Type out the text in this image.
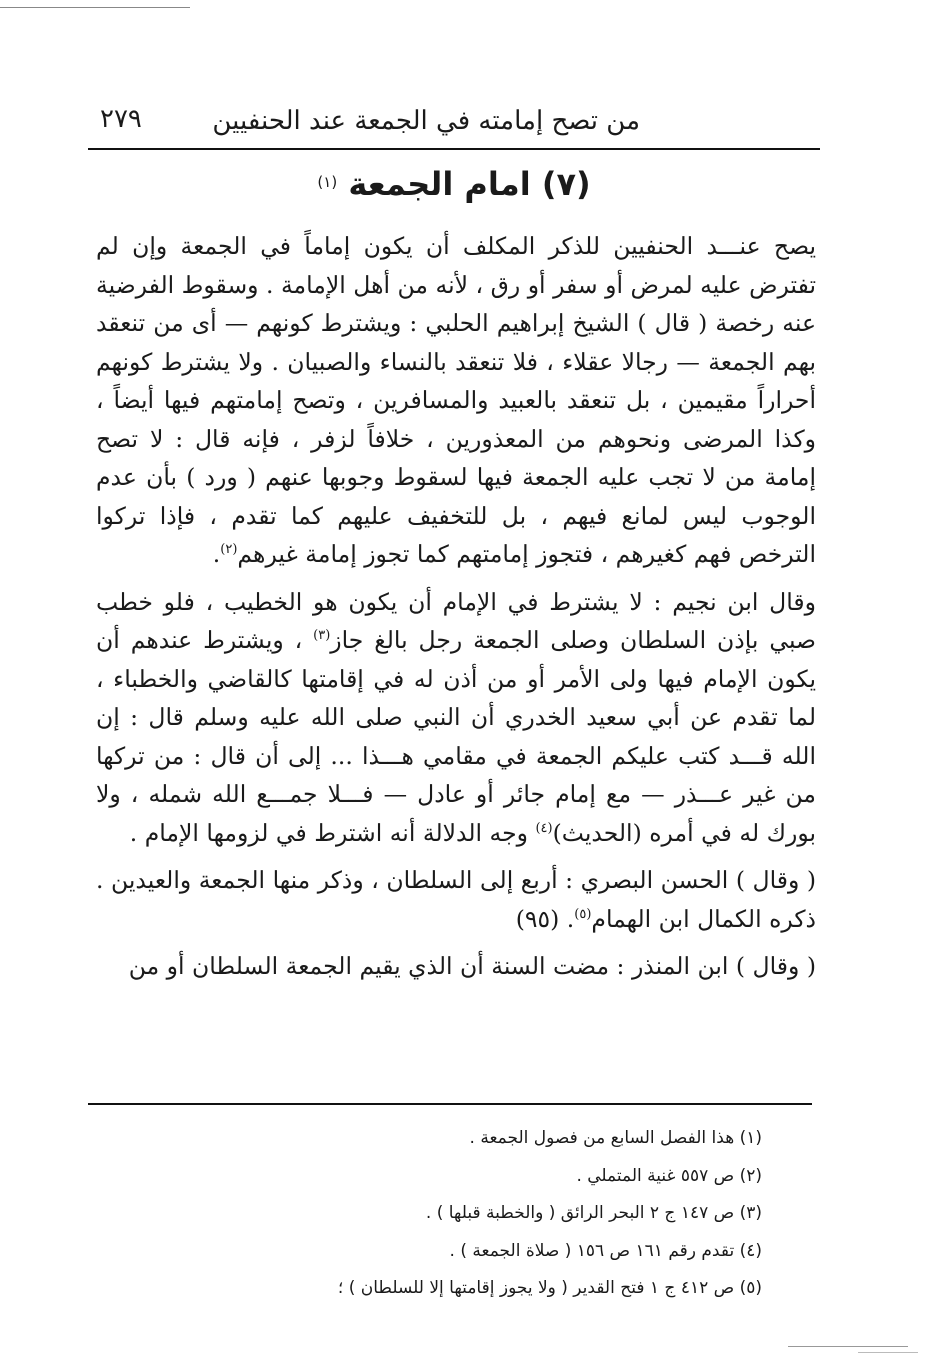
من تصح إمامته في الجمعة عند الحنفيين
٢٧٩
(٧) امام الجمعة $^{(١)}$

يصح عنـــد الحنفيين للذكر المكلف أن يكون إماماً في الجمعة وإن لم تفترض عليه لمرض أو سفر أو رق ، لأنه من أهل الإمامة . وسقوط الفرضية عنه رخصة ( قال ) الشيخ إبراهيم الحلبي : ويشترط كونهم — أى من تنعقد بهم الجمعة — رجالا عقلاء ، فلا تنعقد بالنساء والصبيان . ولا يشترط كونهم أحراراً مقيمين ، بل تنعقد بالعبيد والمسافرين ، وتصح إمامتهم فيها أيضاً ، وكذا المرضى ونحوهم من المعذورين ، خلافاً لزفر ، فإنه قال : لا تصح إمامة من لا تجب عليه الجمعة فيها لسقوط وجوبها عنهم ( ورد ) بأن عدم الوجوب ليس لمانع فيهم ، بل للتخفيف عليهم كما تقدم ، فإذا تركوا الترخص فهم كغيرهم ، فتجوز إمامتهم كما تجوز إمامة غيرهم$^{(٢)}$.

وقال ابن نجيم : لا يشترط في الإمام أن يكون هو الخطيب ، فلو خطب صبي بإذن السلطان وصلى الجمعة رجل بالغ جاز$^{(٣)}$ ، ويشترط عندهم أن يكون الإمام فيها ولى الأمر أو من أذن له في إقامتها كالقاضي والخطباء ، لما تقدم عن أبي سعيد الخدري أن النبي صلى الله عليه وسلم قال : إن الله قـــد كتب عليكم الجمعة في مقامي هـــذا ... إلى أن قال : من تركها من غير عـــذر — مع إمام جائر أو عادل — فـــلا جمـــع الله شمله ، ولا بورك له في أمره (الحديث)$^{(٤)}$ وجه الدلالة أنه اشترط في لزومها الإمام .

( وقال ) الحسن البصري : أربع إلى السلطان ، وذكر منها الجمعة والعيدين . ذكره الكمال ابن الهمام$^{(٥)}$. (٩٥)

( وقال ) ابن المنذر : مضت السنة أن الذي يقيم الجمعة السلطان أو من

(١) هذا الفصل السابع من فصول الجمعة .
(٢) ص ٥٥٧ غنية المتملي .
(٣) ص ١٤٧ ج ٢ البحر الرائق ( والخطبة قبلها ) .
(٤) تقدم رقم ١٦١ ص ١٥٦ ( صلاة الجمعة ) .
(٥) ص ٤١٢ ج ١ فتح القدير ( ولا يجوز إقامتها إلا للسلطان ) ؛
